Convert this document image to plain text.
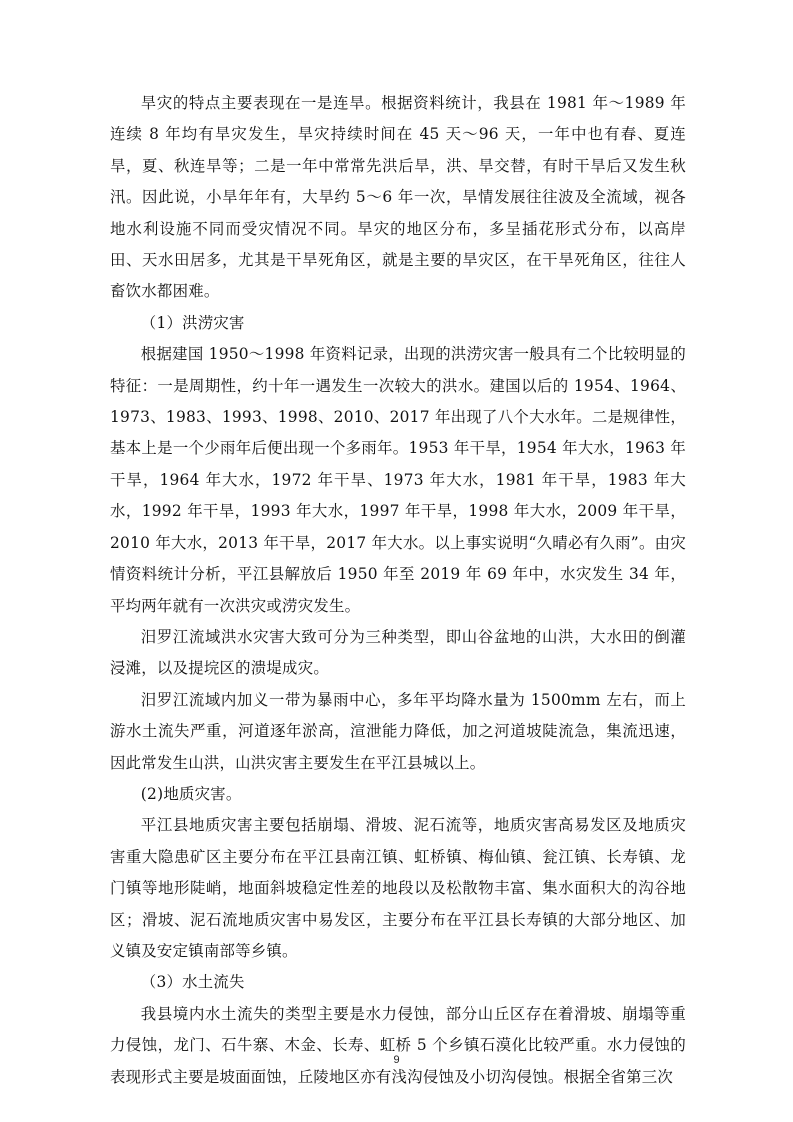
旱灾的特点主要表现在一是连旱。根据资料统计，我县在 1981 年～1989 年连续 8 年均有旱灾发生，旱灾持续时间在 45 天～96 天，一年中也有春、夏连旱，夏、秋连旱等；二是一年中常常先洪后旱，洪、旱交替，有时干旱后又发生秋汛。因此说，小旱年年有，大旱约 5～6 年一次，旱情发展往往波及全流域，视各地水利设施不同而受灾情况不同。旱灾的地区分布，多呈插花形式分布，以高岸田、天水田居多，尤其是干旱死角区，就是主要的旱灾区，在干旱死角区，往往人畜饮水都困难。

（1）洪涝灾害

根据建国 1950～1998 年资料记录，出现的洪涝灾害一般具有二个比较明显的特征：一是周期性，约十年一遇发生一次较大的洪水。建国以后的 1954、1964、1973、1983、1993、1998、2010、2017 年出现了八个大水年。二是规律性，基本上是一个少雨年后便出现一个多雨年。1953 年干旱，1954 年大水，1963 年干旱，1964 年大水，1972 年干旱、1973 年大水，1981 年干旱，1983 年大水，1992 年干旱，1993 年大水，1997 年干旱，1998 年大水，2009 年干旱，2010 年大水，2013 年干旱，2017 年大水。以上事实说明“久晴必有久雨”。由灾情资料统计分析，平江县解放后 1950 年至 2019 年 69 年中，水灾发生 34 年，平均两年就有一次洪灾或涝灾发生。

汨罗江流域洪水灾害大致可分为三种类型，即山谷盆地的山洪，大水田的倒灌浸滩，以及提垸区的溃堤成灾。

汨罗江流域内加义一带为暴雨中心，多年平均降水量为 1500mm 左右，而上游水土流失严重，河道逐年淤高，渲泄能力降低，加之河道坡陡流急，集流迅速，因此常发生山洪，山洪灾害主要发生在平江县城以上。

(2)地质灾害。

平江县地质灾害主要包括崩塌、滑坡、泥石流等，地质灾害高易发区及地质灾害重大隐患矿区主要分布在平江县南江镇、虹桥镇、梅仙镇、瓮江镇、长寿镇、龙门镇等地形陡峭，地面斜坡稳定性差的地段以及松散物丰富、集水面积大的沟谷地区；滑坡、泥石流地质灾害中易发区，主要分布在平江县长寿镇的大部分地区、加义镇及安定镇南部等乡镇。

（3）水土流失

我县境内水土流失的类型主要是水力侵蚀，部分山丘区存在着滑坡、崩塌等重力侵蚀，龙门、石牛寨、木金、长寿、虹桥 5 个乡镇石漠化比较严重。水力侵蚀的表现形式主要是坡面面蚀，丘陵地区亦有浅沟侵蚀及小切沟侵蚀。根据全省第三次

9
